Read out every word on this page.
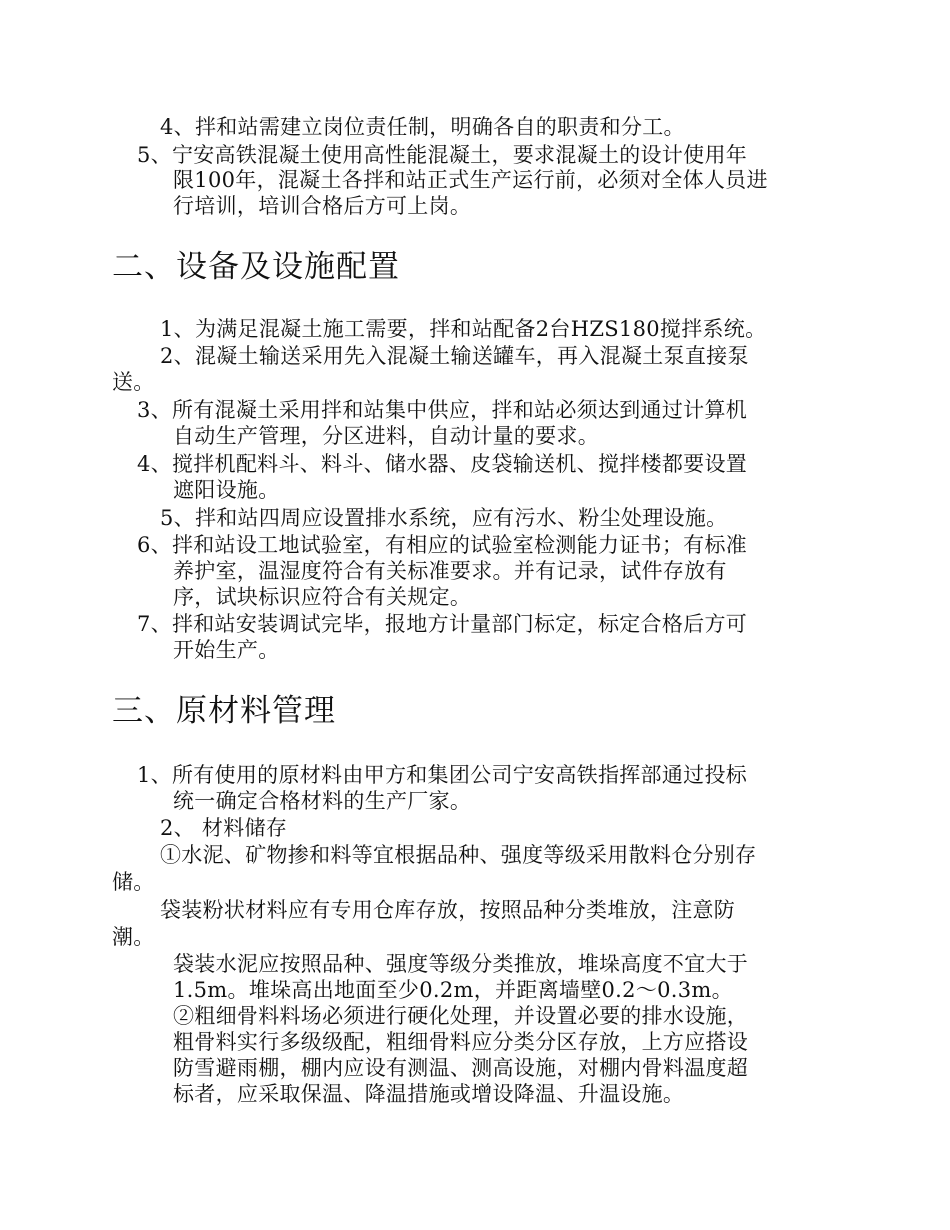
4、拌和站需建立岗位责任制，明确各自的职责和分工。
5、宁安高铁混凝土使用高性能混凝土，要求混凝土的设计使用年
限100年，混凝土各拌和站正式生产运行前，必须对全体人员进
行培训，培训合格后方可上岗。
二、设备及设施配置
1、为满足混凝土施工需要，拌和站配备2台HZS180搅拌系统。
2、混凝土输送采用先入混凝土输送罐车，再入混凝土泵直接泵
送。
3、所有混凝土采用拌和站集中供应，拌和站必须达到通过计算机
自动生产管理，分区进料，自动计量的要求。
4、搅拌机配料斗、料斗、储水器、皮袋输送机、搅拌楼都要设置
遮阳设施。
5、拌和站四周应设置排水系统，应有污水、粉尘处理设施。
6、拌和站设工地试验室，有相应的试验室检测能力证书；有标准
养护室，温湿度符合有关标准要求。并有记录，试件存放有
序，试块标识应符合有关规定。
7、拌和站安装调试完毕，报地方计量部门标定，标定合格后方可
开始生产。
三、原材料管理
1、所有使用的原材料由甲方和集团公司宁安高铁指挥部通过投标
统一确定合格材料的生产厂家。
2、 材料储存
①水泥、矿物掺和料等宜根据品种、强度等级采用散料仓分别存
储。
袋装粉状材料应有专用仓库存放，按照品种分类堆放，注意防
潮。
袋装水泥应按照品种、强度等级分类推放，堆垛高度不宜大于
1.5m。堆垛高出地面至少0.2m，并距离墙壁0.2～0.3m。
②粗细骨料料场必须进行硬化处理，并设置必要的排水设施，
粗骨料实行多级级配，粗细骨料应分类分区存放，上方应搭设
防雪避雨棚，棚内应设有测温、测高设施，对棚内骨料温度超
标者，应采取保温、降温措施或增设降温、升温设施。
